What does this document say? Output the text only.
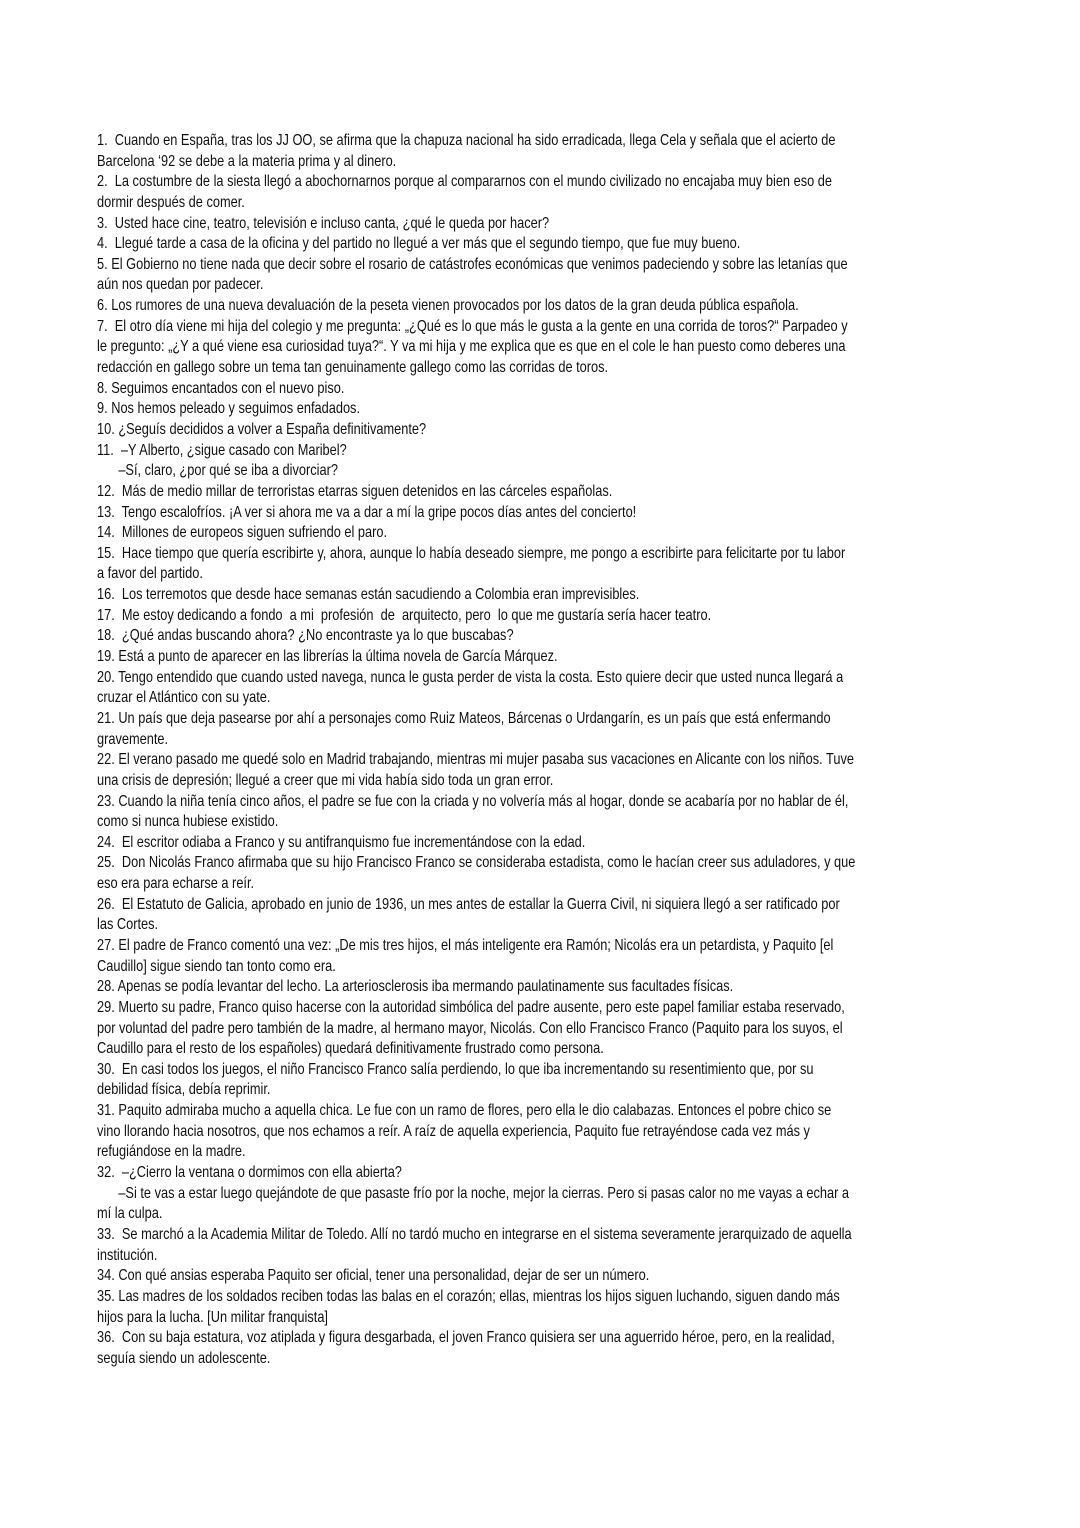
1.  Cuando en España, tras los JJ OO, se afirma que la chapuza nacional ha sido erradicada, llega Cela y señala que el acierto de
Barcelona ‘92 se debe a la materia prima y al dinero.
2.  La costumbre de la siesta llegó a abochornarnos porque al compararnos con el mundo civilizado no encajaba muy bien eso de
dormir después de comer.
3.  Usted hace cine, teatro, televisión e incluso canta, ¿qué le queda por hacer?
4.  Llegué tarde a casa de la oficina y del partido no llegué a ver más que el segundo tiempo, que fue muy bueno.
5. El Gobierno no tiene nada que decir sobre el rosario de catástrofes económicas que venimos padeciendo y sobre las letanías que
aún nos quedan por padecer.
6. Los rumores de una nueva devaluación de la peseta vienen provocados por los datos de la gran deuda pública española.
7.  El otro día viene mi hija del colegio y me pregunta: „¿Qué es lo que más le gusta a la gente en una corrida de toros?“ Parpadeo y
le pregunto: „¿Y a qué viene esa curiosidad tuya?“. Y va mi hija y me explica que es que en el cole le han puesto como deberes una
redacción en gallego sobre un tema tan genuinamente gallego como las corridas de toros.
8. Seguimos encantados con el nuevo piso.
9. Nos hemos peleado y seguimos enfadados.
10. ¿Seguís decididos a volver a España definitivamente?
11.  –Y Alberto, ¿sigue casado con Maribel?
–Sí, claro, ¿por qué se iba a divorciar?
12.  Más de medio millar de terroristas etarras siguen detenidos en las cárceles españolas.
13.  Tengo escalofríos. ¡A ver si ahora me va a dar a mí la gripe pocos días antes del concierto!
14.  Millones de europeos siguen sufriendo el paro.
15.  Hace tiempo que quería escribirte y, ahora, aunque lo había deseado siempre, me pongo a escribirte para felicitarte por tu labor
a favor del partido.
16.  Los terremotos que desde hace semanas están sacudiendo a Colombia eran imprevisibles.
17.  Me estoy dedicando a fondo  a mi  profesión  de  arquitecto, pero  lo que me gustaría sería hacer teatro.
18.  ¿Qué andas buscando ahora? ¿No encontraste ya lo que buscabas?
19. Está a punto de aparecer en las librerías la última novela de García Márquez.
20. Tengo entendido que cuando usted navega, nunca le gusta perder de vista la costa. Esto quiere decir que usted nunca llegará a
cruzar el Atlántico con su yate.
21. Un país que deja pasearse por ahí a personajes como Ruiz Mateos, Bárcenas o Urdangarín, es un país que está enfermando
gravemente.
22. El verano pasado me quedé solo en Madrid trabajando, mientras mi mujer pasaba sus vacaciones en Alicante con los niños. Tuve
una crisis de depresión; llegué a creer que mi vida había sido toda un gran error.
23. Cuando la niña tenía cinco años, el padre se fue con la criada y no volvería más al hogar, donde se acabaría por no hablar de él,
como si nunca hubiese existido.
24.  El escritor odiaba a Franco y su antifranquismo fue incrementándose con la edad.
25.  Don Nicolás Franco afirmaba que su hijo Francisco Franco se consideraba estadista, como le hacían creer sus aduladores, y que
eso era para echarse a reír.
26.  El Estatuto de Galicia, aprobado en junio de 1936, un mes antes de estallar la Guerra Civil, ni siquiera llegó a ser ratificado por
las Cortes.
27. El padre de Franco comentó una vez: „De mis tres hijos, el más inteligente era Ramón; Nicolás era un petardista, y Paquito [el
Caudillo] sigue siendo tan tonto como era.
28. Apenas se podía levantar del lecho. La arteriosclerosis iba mermando paulatinamente sus facultades físicas.
29. Muerto su padre, Franco quiso hacerse con la autoridad simbólica del padre ausente, pero este papel familiar estaba reservado,
por voluntad del padre pero también de la madre, al hermano mayor, Nicolás. Con ello Francisco Franco (Paquito para los suyos, el
Caudillo para el resto de los españoles) quedará definitivamente frustrado como persona.
30.  En casi todos los juegos, el niño Francisco Franco salía perdiendo, lo que iba incrementando su resentimiento que, por su
debilidad física, debía reprimir.
31. Paquito admiraba mucho a aquella chica. Le fue con un ramo de flores, pero ella le dio calabazas. Entonces el pobre chico se
vino llorando hacia nosotros, que nos echamos a reír. A raíz de aquella experiencia, Paquito fue retrayéndose cada vez más y
refugiándose en la madre.
32.  –¿Cierro la ventana o dormimos con ella abierta?
–Si te vas a estar luego quejándote de que pasaste frío por la noche, mejor la cierras. Pero si pasas calor no me vayas a echar a
mí la culpa.
33.  Se marchó a la Academia Militar de Toledo. Allí no tardó mucho en integrarse en el sistema severamente jerarquizado de aquella
institución.
34. Con qué ansias esperaba Paquito ser oficial, tener una personalidad, dejar de ser un número.
35. Las madres de los soldados reciben todas las balas en el corazón; ellas, mientras los hijos siguen luchando, siguen dando más
hijos para la lucha. [Un militar franquista]
36.  Con su baja estatura, voz atiplada y figura desgarbada, el joven Franco quisiera ser una aguerrido héroe, pero, en la realidad,
seguía siendo un adolescente.
